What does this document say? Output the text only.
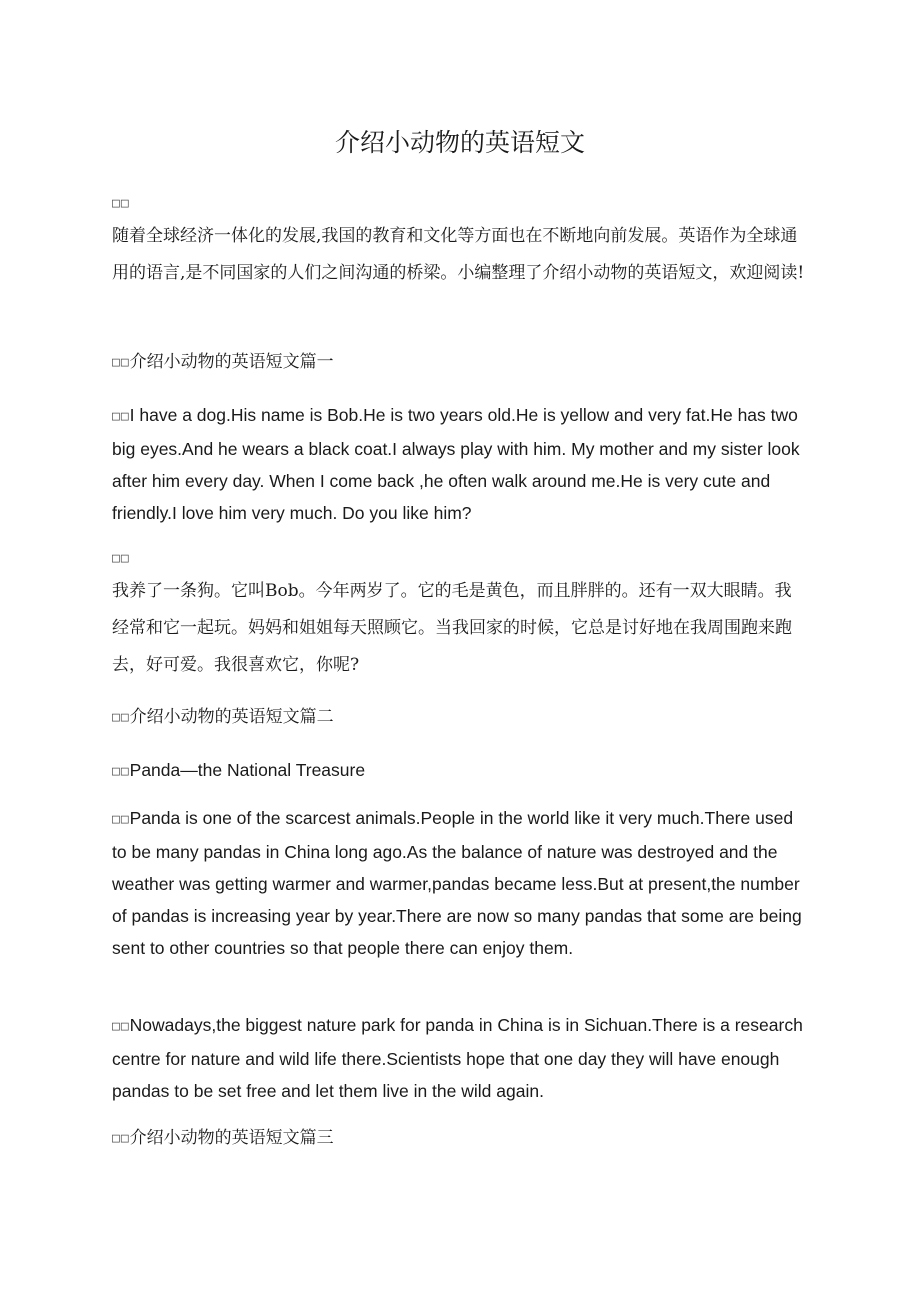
介绍小动物的英语短文
□□

随着全球经济一体化的发展,我国的教育和文化等方面也在不断地向前发展。英语作为全球通用的语言,是不同国家的人们之间沟通的桥梁。小编整理了介绍小动物的英语短文，欢迎阅读!

□□介绍小动物的英语短文篇一

□□I have a dog.His name is Bob.He is two years old.He is yellow and very fat.He has two big eyes.And he wears a black coat.I always play with him. My mother and my sister look after him every day. When I come back ,he often walk around me.He is very cute and friendly.I love him very much. Do you like him?

□□

我养了一条狗。它叫Bob。今年两岁了。它的毛是黄色，而且胖胖的。还有一双大眼睛。我经常和它一起玩。妈妈和姐姐每天照顾它。当我回家的时候，它总是讨好地在我周围跑来跑去，好可爱。我很喜欢它，你呢?

□□介绍小动物的英语短文篇二

□□Panda—the National Treasure

□□Panda is one of the scarcest animals.People in the world like it very much.There used to be many pandas in China long ago.As the balance of nature was destroyed and the weather was getting warmer and warmer,pandas became less.But at present,the number of pandas is increasing year by year.There are now so many pandas that some are being sent to other countries so that people there can enjoy them.

□□Nowadays,the biggest nature park for panda in China is in Sichuan.There is a research centre for nature and wild life there.Scientists hope that one day they will have enough pandas to be set free and let them live in the wild again.

□□介绍小动物的英语短文篇三
